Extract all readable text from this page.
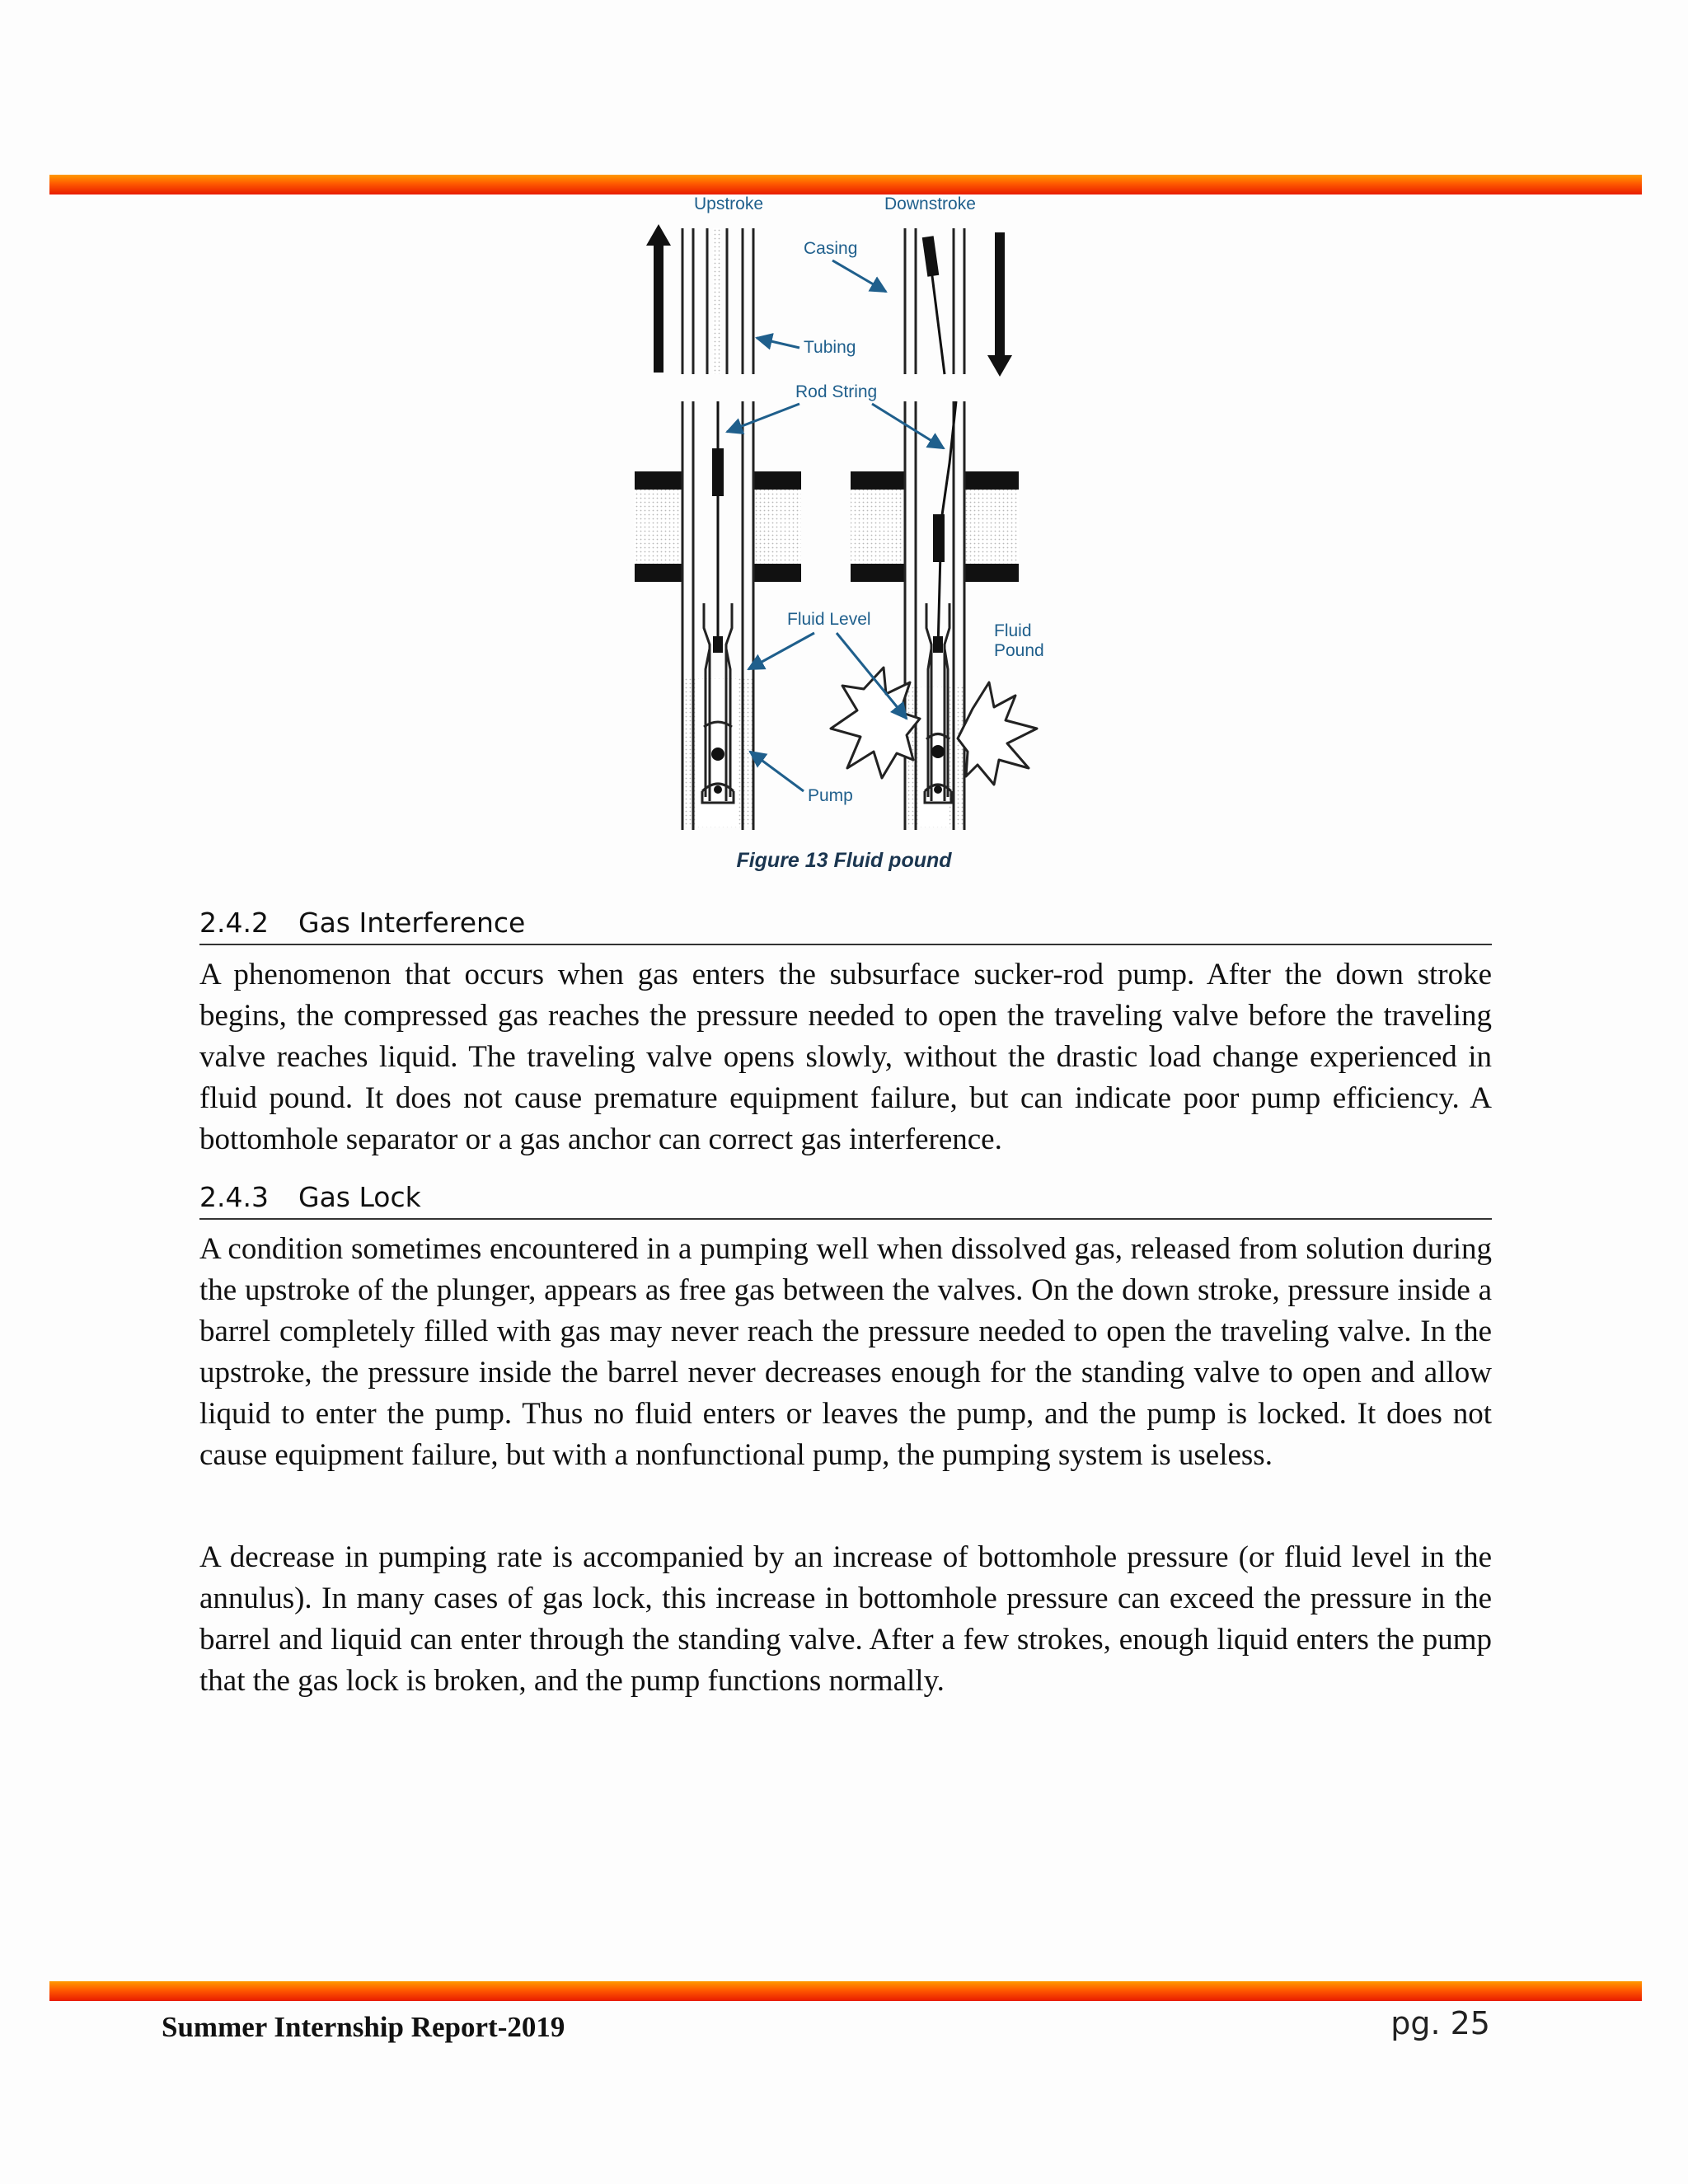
Upstroke	Downstroke
Casing
Tubing
Rod String
Fluid Level
Fluid
Pound
Pump
Figure 13 Fluid pound
2.4.2 Gas Interference

A phenomenon that occurs when gas enters the subsurface sucker-rod pump. After the down stroke begins, the compressed gas reaches the pressure needed to open the traveling valve before the traveling valve reaches liquid. The traveling valve opens slowly, without the drastic load change experienced in fluid pound. It does not cause premature equipment failure, but can indicate poor pump efficiency. A bottomhole separator or a gas anchor can correct gas interference.

2.4.3 Gas Lock

A condition sometimes encountered in a pumping well when dissolved gas, released from solution during the upstroke of the plunger, appears as free gas between the valves. On the down stroke, pressure inside a barrel completely filled with gas may never reach the pressure needed to open the traveling valve. In the upstroke, the pressure inside the barrel never decreases enough for the standing valve to open and allow liquid to enter the pump. Thus no fluid enters or leaves the pump, and the pump is locked. It does not cause equipment failure, but with a nonfunctional pump, the pumping system is useless.

A decrease in pumping rate is accompanied by an increase of bottomhole pressure (or fluid level in the annulus). In many cases of gas lock, this increase in bottomhole pressure can exceed the pressure in the barrel and liquid can enter through the standing valve. After a few strokes, enough liquid enters the pump that the gas lock is broken, and the pump functions normally.

Summer Internship Report-2019	pg. 25
